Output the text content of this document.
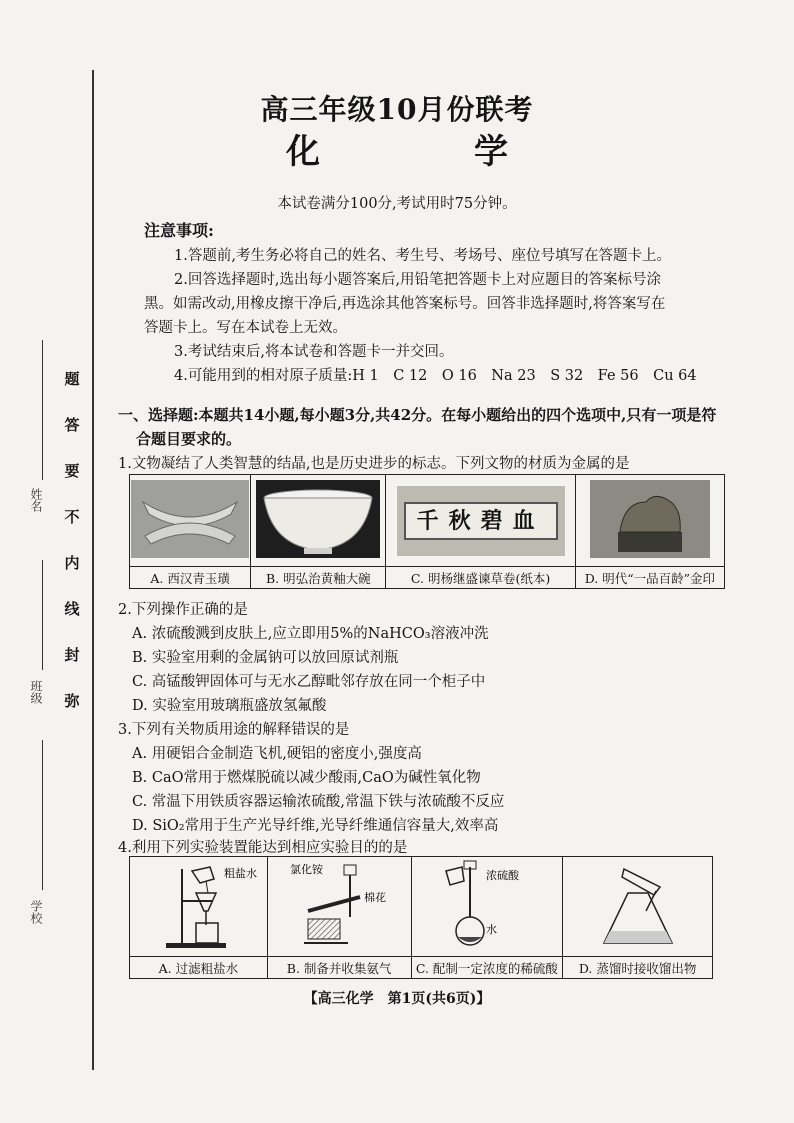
题
答
要
不
内
线
封
弥
姓名
班级
学校
高三年级10月份联考
化　学
本试卷满分100分,考试用时75分钟。
注意事项:
1.答题前,考生务必将自己的姓名、考生号、考场号、座位号填写在答题卡上。
2.回答选择题时,选出每小题答案后,用铅笔把答题卡上对应题目的答案标号涂
黑。如需改动,用橡皮擦干净后,再选涂其他答案标号。回答非选择题时,将答案写在
答题卡上。写在本试卷上无效。
3.考试结束后,将本试卷和答题卡一并交回。
4.可能用到的相对原子质量:H 1　C 12　O 16　Na 23　S 32　Fe 56　Cu 64
一、选择题:本题共14小题,每小题3分,共42分。在每小题给出的四个选项中,只有一项是符
合题目要求的。
1.文物凝结了人类智慧的结晶,也是历史进步的标志。下列文物的材质为金属的是

千秋碧血

A. 西汉青玉璜	B. 明弘治黄釉大碗	C. 明杨继盛谏草卷(纸本)	D. 明代“一品百龄”金印
2.下列操作正确的是
A. 浓硫酸溅到皮肤上,应立即用5%的NaHCO₃溶液冲洗
B. 实验室用剩的金属钠可以放回原试剂瓶
C. 高锰酸钾固体可与无水乙醇毗邻存放在同一个柜子中
D. 实验室用玻璃瓶盛放氢氟酸
3.下列有关物质用途的解释错误的是
A. 用硬铝合金制造飞机,硬铝的密度小,强度高
B. CaO常用于燃煤脱硫以减少酸雨,CaO为碱性氧化物
C. 常温下用铁质容器运输浓硫酸,常温下铁与浓硫酸不反应
D. SiO₂常用于生产光导纤维,光导纤维通信容量大,效率高
4.利用下列实验装置能达到相应实验目的的是
粗盐水	氯化铵
棉花	浓硫酸
水

A. 过滤粗盐水	B. 制备并收集氨气	C. 配制一定浓度的稀硫酸	D. 蒸馏时接收馏出物
【高三化学　第1页(共6页)】
